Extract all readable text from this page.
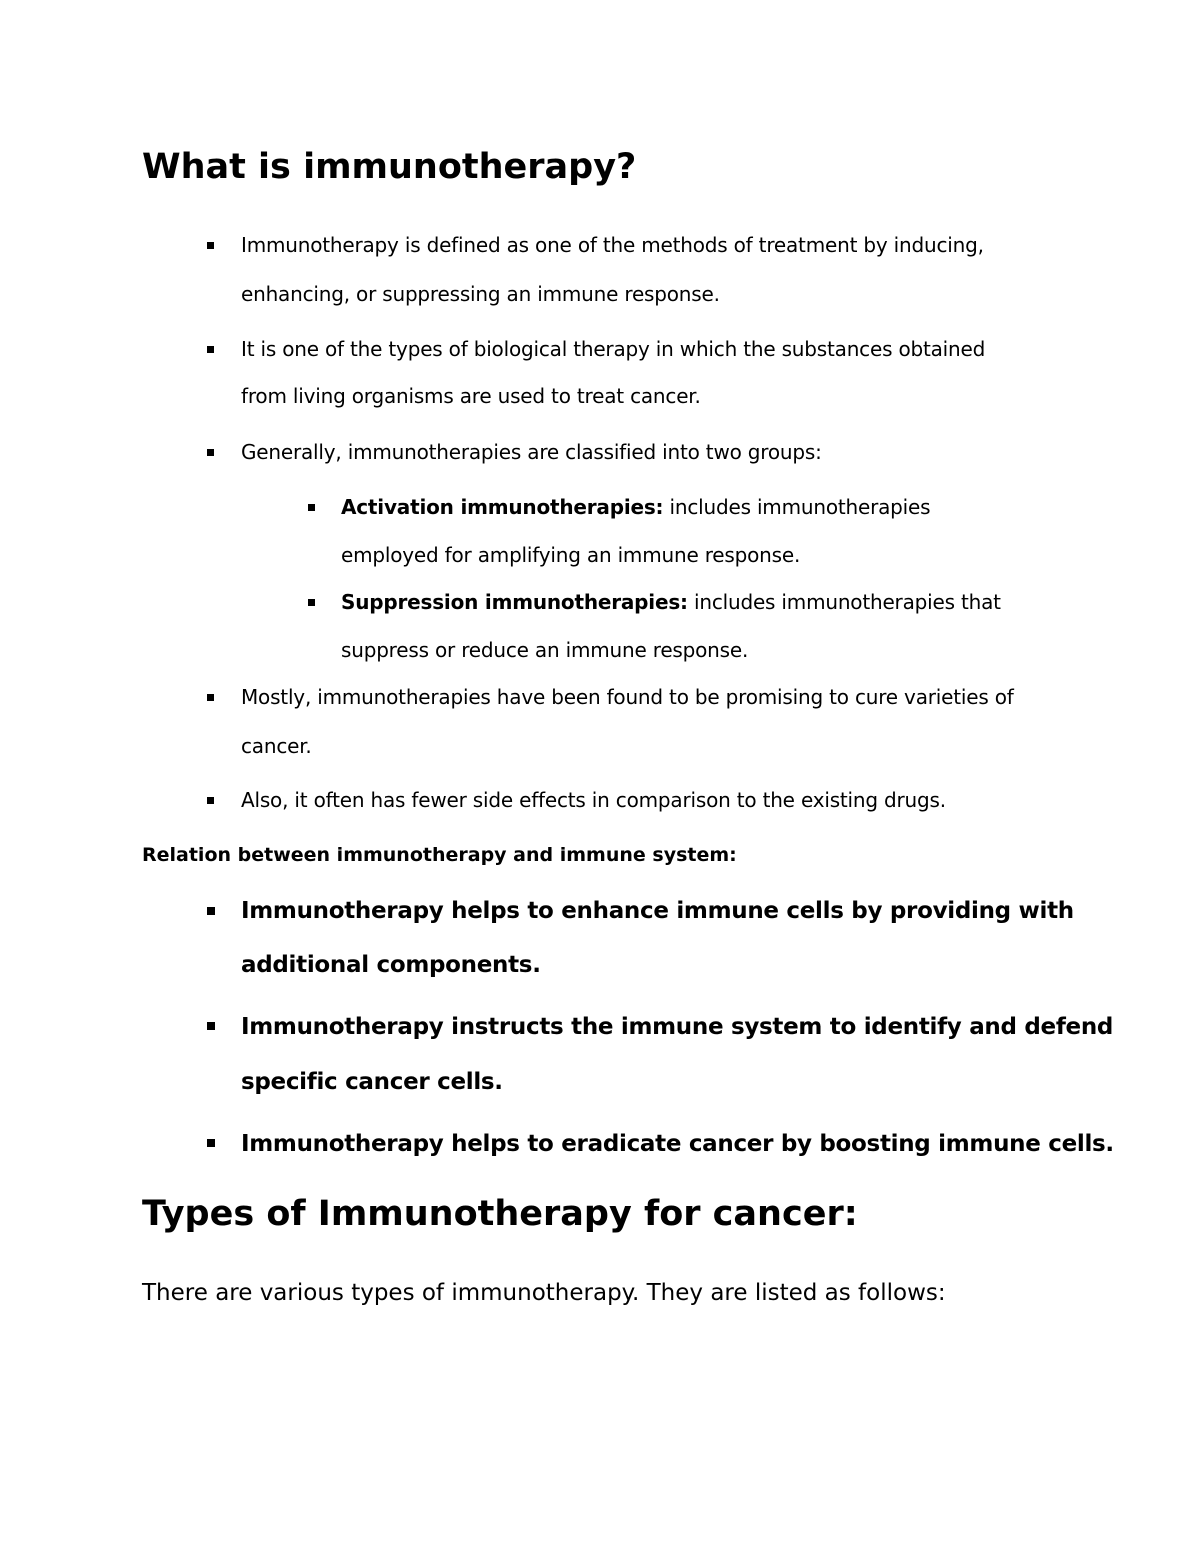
What is immunotherapy?
Immunotherapy is defined as one of the methods of treatment by inducing,
enhancing, or suppressing an immune response.
It is one of the types of biological therapy in which the substances obtained
from living organisms are used to treat cancer.
Generally, immunotherapies are classified into two groups:
Activation immunotherapies: includes immunotherapies
employed for amplifying an immune response.
Suppression immunotherapies: includes immunotherapies that
suppress or reduce an immune response.
Mostly, immunotherapies have been found to be promising to cure varieties of
cancer.
Also, it often has fewer side effects in comparison to the existing drugs.
Relation between immunotherapy and immune system:
Immunotherapy helps to enhance immune cells by providing with
additional components.
Immunotherapy instructs the immune system to identify and defend
specific cancer cells.
Immunotherapy helps to eradicate cancer by boosting immune cells.
Types of Immunotherapy for cancer:
There are various types of immunotherapy. They are listed as follows:
